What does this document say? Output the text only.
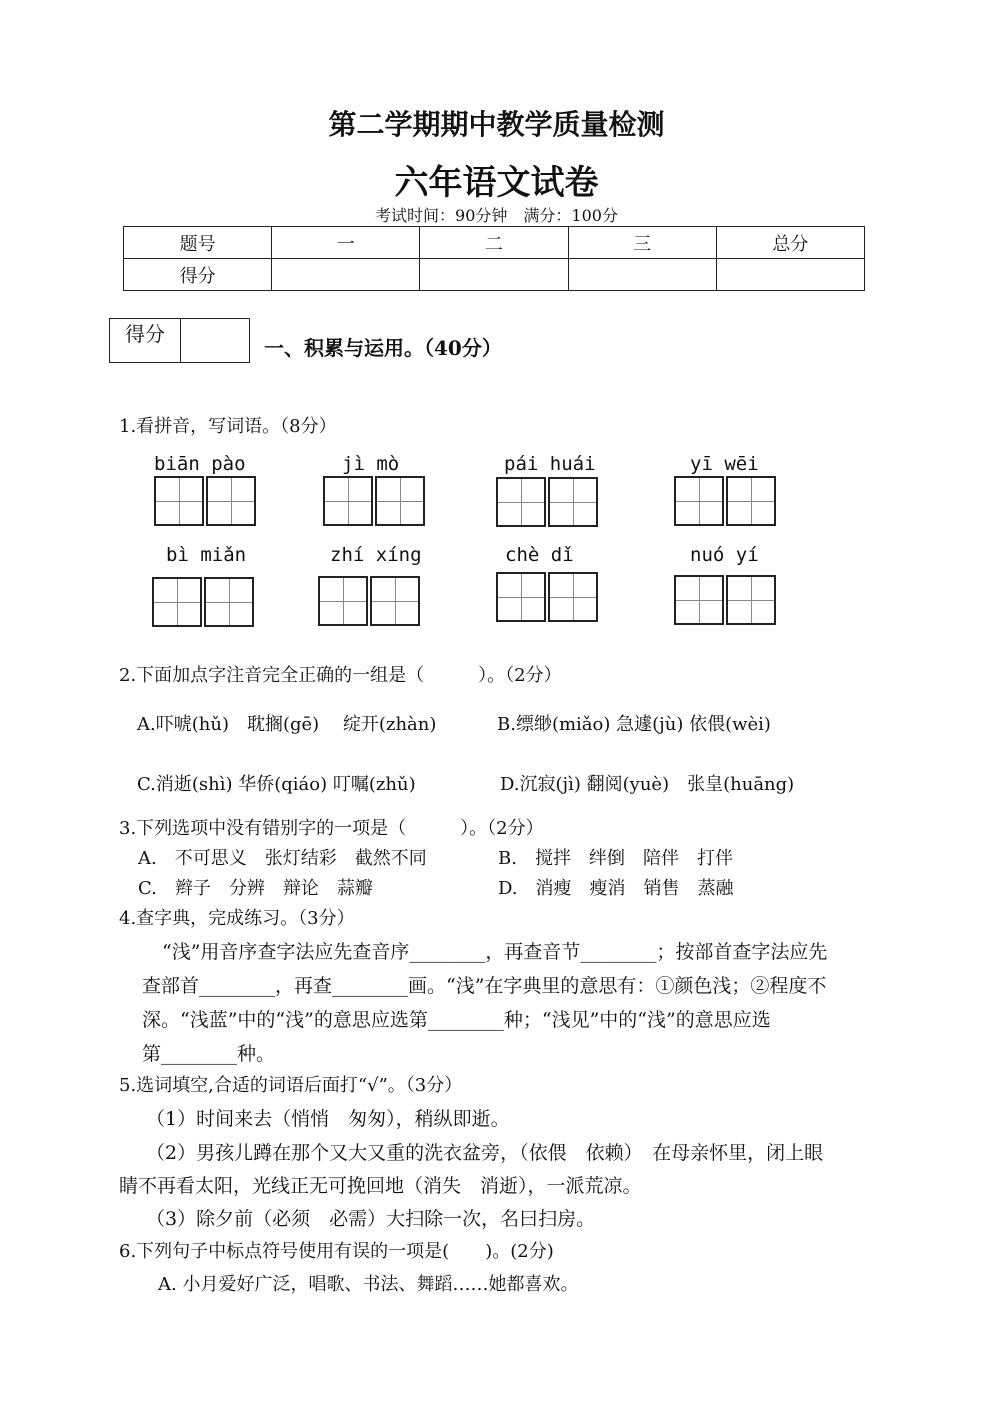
第二学期期中教学质量检测
六年语文试卷
考试时间：90分钟　满分：100分
题号	一	二	三	总分
得分				
得分
一、积累与运用。（40分）
1.看拼音，写词语。（8分）
biān pào	jì mò	pái huái	yī wēi
bì miǎn	zhí xíng	chè dǐ	nuó yí
2.下面加点字注音完全正确的一组是（　　　）。（2分）
A.吓唬(hǔ)　 耽搁(gē)　 绽开(zhàn)	B.缥缈(miǎo) 急遽(jù) 依偎(wèi)
C.消逝(shì) 华侨(qiáo) 叮嘱(zhǔ)	D.沉寂(jì) 翻阅(yuè)　 张皇(huāng)
3.下列选项中没有错别字的一项是（　　　）。（2分）
A.　不可思义　张灯结彩　截然不同	B.　搅拌　绊倒　陪伴　打伴
C.　辫子　分辨　辩论　蒜瓣	D.　消瘦　瘦消　销售　蒸融
4.查字典，完成练习。（3分）
“浅”用音序查字法应先查音序________，再查音节________；按部首查字法应先
查部首________，再查________画。“浅”在字典里的意思有：①颜色浅；②程度不
深。“浅蓝”中的“浅”的意思应选第________种；“浅见”中的“浅”的意思应选
第________种。
5.选词填空,合适的词语后面打“√”。（3分）
（1）时间来去（悄悄　匆匆），稍纵即逝。
（2）男孩儿蹲在那个又大又重的洗衣盆旁，（依偎　依赖）　在母亲怀里，闭上眼
睛不再看太阳，光线正无可挽回地（消失　消逝），一派荒凉。
（3）除夕前（必须　必需）大扫除一次，名曰扫房。
6.下列句子中标点符号使用有误的一项是(　　)。(2分)
A. 小月爱好广泛，唱歌、书法、舞蹈……她都喜欢。
